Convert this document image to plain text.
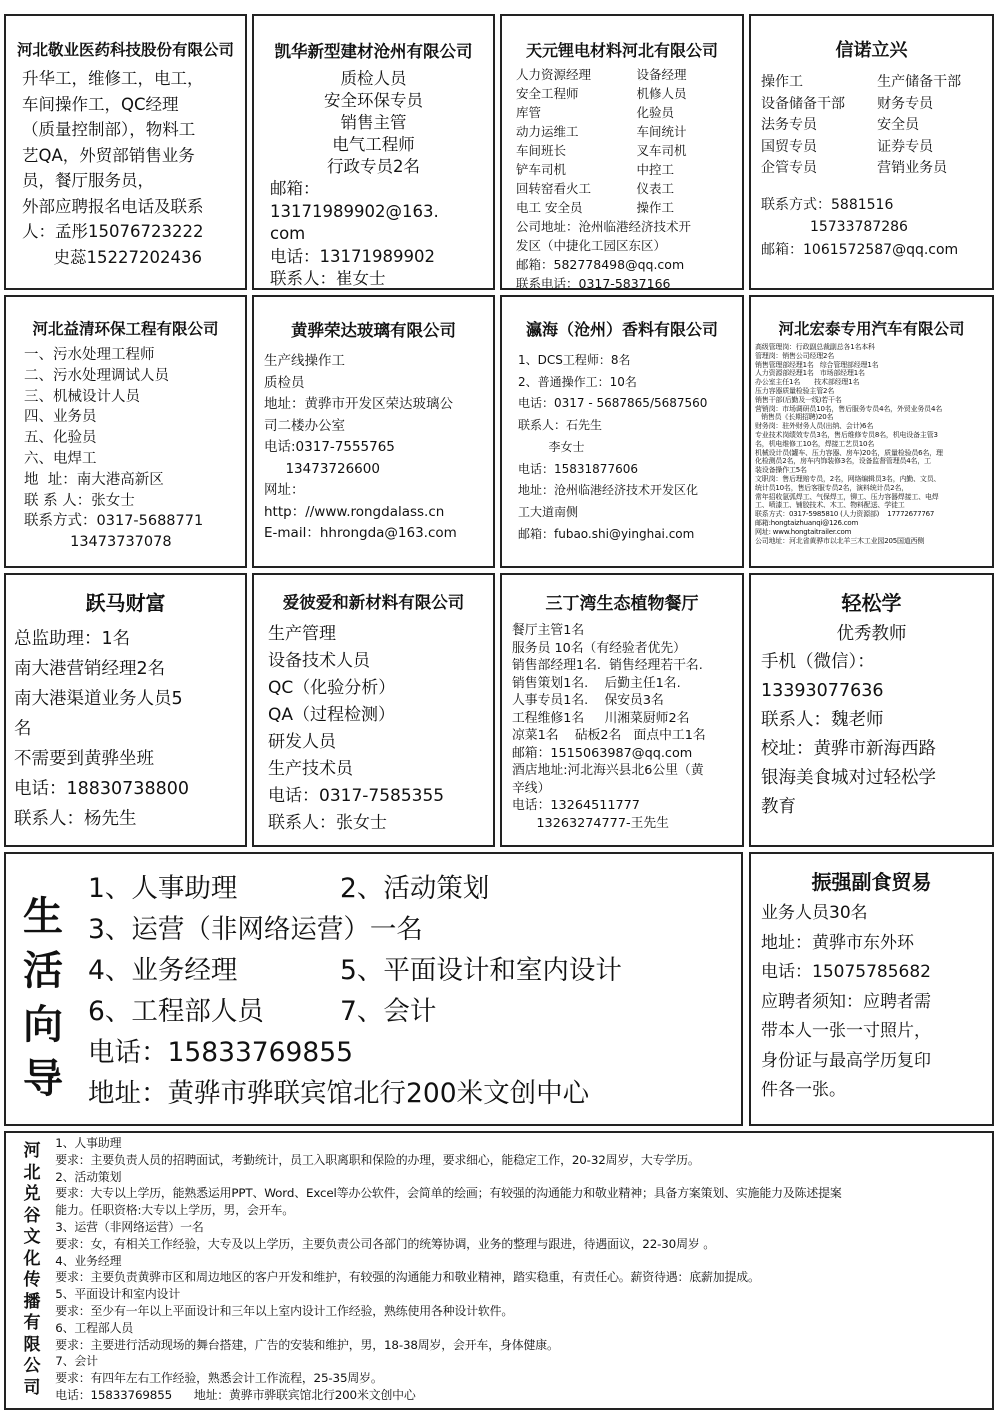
河北敬业医药科技股份有限公司
升华工，维修工，电工，
车间操作工，QC经理
（质量控制部），物料工
艺QA，外贸部销售业务
员，餐厅服务员，
外部应聘报名电话及联系
人：孟彤15076723222
史蕊15227202436
凯华新型建材沧州有限公司
质检人员
安全环保专员
销售主管
电气工程师
行政专员2名
邮箱：
13171989902@163.
com
电话：13171989902
联系人：崔女士
天元锂电材料河北有限公司
人力资源经理	设备经理
安全工程师	机修人员
库管	化验员
动力运维工	车间统计
车间班长	叉车司机
铲车司机	中控工
回转窑看火工	仪表工
电工 安全员	操作工
公司地址：沧州临港经济技术开
发区（中捷化工园区东区）
邮箱：582778498@qq.com
联系电话：0317-5837166
信诺立兴
操作工	生产储备干部
设备储备干部	财务专员
法务专员	安全员
国贸专员	证券专员
企管专员	营销业务员
联系方式：5881516
15733787286
邮箱：1061572587@qq.com
河北益清环保工程有限公司
一、污水处理工程师
二、污水处理调试人员
三、机械设计人员
四、业务员
五、化验员
六、电焊工
地  址：南大港高新区
联 系 人：张女士
联系方式：0317-5688771
13473737078
黄骅荣达玻璃有限公司
生产线操作工
质检员
地址：黄骅市开发区荣达玻璃公
司二楼办公室
电话:0317-7555765
13473726600
网址：
http：//www.rongdalass.cn
E-mail：hhrongda@163.com
瀛海（沧州）香料有限公司
1、DCS工程师：8名
2、普通操作工：10名
电话：0317 - 5687865/5687560
联系人：石先生
李女士
电话：15831877606
地址：沧州临港经济技术开发区化
工大道南侧
邮箱：fubao.shi@yinghai.com
河北宏泰专用汽车有限公司
高级管理岗：行政副总裁副总各1名本科
管理岗：销售公司经理2名
销售管理部经理1名   综合管理部经理1名
人力资源部经理1名   市场部经理1名
办公室主任1名       技术部经理1名
压力容器质量检验主管2名
销售干部(后勤及一线)若干名
营销岗：市场调研员10名，售后服务专员4名，外贸业务员4名
销售员《长期招聘)20名
财务岗：驻外财务人员(出纳、会计)6名
专业技术岗绩效专员3名，售后维修专员8名，机电设备主管3
名，机电维修工10名，焊接工艺员10名
机械设计员(罐车、压力容器、房车)20名，质量检验员6名，理
化检测员2名，房车内饰装修3名，设备监督管理员4名，工
装设备操作工5名
文职岗：售后理赔专员，2名，网络编辑员3名，内勤、文员、
统计员10名，售后客服专员2名，演料统计员2名，
常年招收氩弧焊工、气保焊工，铆工、压力容器焊接工、电焊
工、喷漆工、铺胶技术、木工、物料配送、学徒工
联系方式：0317-5985810 (人力资源部)    17772677767
邮箱:hongtaizhuanqi@126.com
网址: www.hongtaitrailer.com
公司地址：河北省黄骅市以北羊三木工业园205国道西侧
跃马财富
总监助理：1名
南大港营销经理2名
南大港渠道业务人员5
名
不需要到黄骅坐班
电话：18830738800
联系人：杨先生
爱彼爱和新材料有限公司
生产管理
设备技术人员
QC（化验分析）
QA（过程检测）
研发人员
生产技术员
电话：0317-7585355
联系人：张女士
三丁湾生态植物餐厅
餐厅主管1名
服务员 10名（有经验者优先）
销售部经理1名.  销售经理若干名.
销售策划1名.    后勤主任1名.
人事专员1名.    保安员3名
工程维修1名     川湘菜厨师2名
凉菜1名    砧板2名   面点中工1名
邮箱：1515063987@qq.com
酒店地址:河北海兴县北6公里（黄
辛线）
电话：13264511777
13263274777-王先生
轻松学
优秀教师
手机（微信）：
13393077636
联系人：魏老师
校址：黄骅市新海西路
银海美食城对过轻松学
教育
生活向导
1、人事助理	2、活动策划
3、运营（非网络运营）一名
4、业务经理	5、平面设计和室内设计
6、工程部人员	7、会计
电话：15833769855
地址：黄骅市骅联宾馆北行200米文创中心
振强副食贸易
业务人员30名
地址：黄骅市东外环
电话：15075785682
应聘者须知：应聘者需
带本人一张一寸照片，
身份证与最高学历复印
件各一张。
河北兑谷文化传播有限公司
1、人事助理
要求：主要负责人员的招聘面试，考勤统计，员工入职离职和保险的办理，要求细心，能稳定工作，20-32周岁，大专学历。
2、活动策划
要求：大专以上学历，能熟悉运用PPT、Word、Excel等办公软件，会简单的绘画；有较强的沟通能力和敬业精神；具备方案策划、实施能力及陈述提案
能力。任职资格:大专以上学历，男，会开车。
3、运营（非网络运营）一名
要求：女，有相关工作经验，大专及以上学历，主要负责公司各部门的统筹协调，业务的整理与跟进，待遇面议，22-30周岁 。
4、业务经理
要求：主要负责黄骅市区和周边地区的客户开发和维护，有较强的沟通能力和敬业精神，踏实稳重，有责任心。薪资待遇：底薪加提成。
5、平面设计和室内设计
要求：至少有一年以上平面设计和三年以上室内设计工作经验，熟练使用各种设计软件。
6、工程部人员
要求：主要进行活动现场的舞台搭建，广告的安装和维护，男，18-38周岁，会开车，身体健康。
7、会计
要求：有四年左右工作经验，熟悉会计工作流程，25-35周岁。
电话：15833769855      地址：黄骅市骅联宾馆北行200米文创中心
